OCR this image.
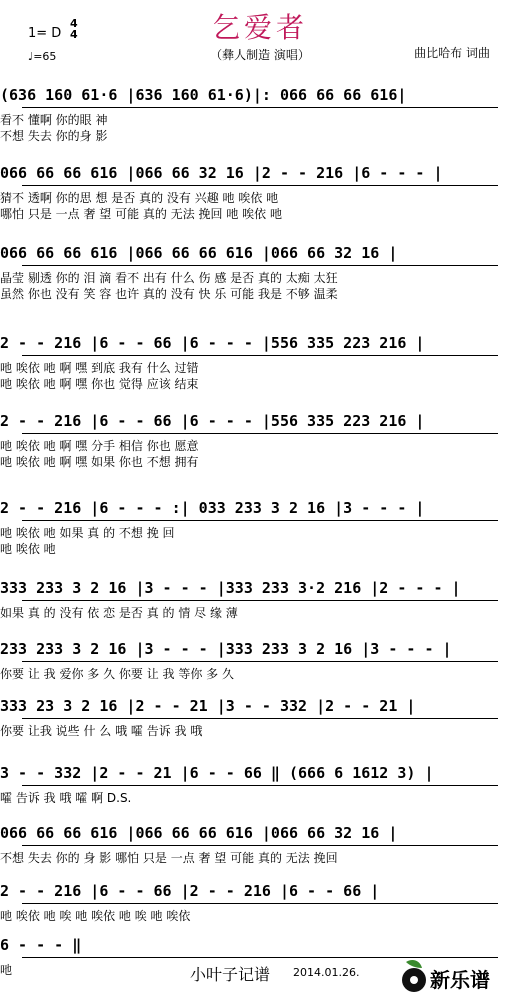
乞爱者
（彝人制造 演唱）
1= D
4
4
♩=65	曲比哈布 词曲
(636 160 61·6 |636 160 61·6)|: 066 66 66 616|
看不 懂啊 你的眼 神
不想 失去 你的身 影
066 66 66 616 |066 66 32 16 |2 - - 216 |6 - - - |
猜不 透啊 你的思 想 是否 真的 没有 兴趣 吔 唉依 吔
哪怕 只是 一点 奢 望 可能 真的 无法 挽回 吔 唉依 吔
066 66 66 616 |066 66 66 616 |066 66 32 16 |
晶莹 剔透 你的 泪 滴 看不 出有 什么 伤 感 是否 真的 太痴 太狂
虽然 你也 没有 笑 容 也许 真的 没有 快 乐 可能 我是 不够 温柔
2 - - 216 |6 - - 66 |6 - - - |556 335 223 216 |
吔 唉依 吔 啊 嘿 到底 我有 什么 过错
吔 唉依 吔 啊 嘿 你也 觉得 应该 结束
2 - - 216 |6 - - 66 |6 - - - |556 335 223 216 |
吔 唉依 吔 啊 嘿 分手 相信 你也 愿意
吔 唉依 吔 啊 嘿 如果 你也 不想 拥有
2 - - 216 |6 - - - :| 033 233 3 2 16 |3 - - - |
吔 唉依 吔 如果 真 的 不想 挽 回
吔 唉依 吔
333 233 3 2 16 |3 - - - |333 233 3·2 216 |2 - - - |
如果 真 的 没有 依 恋 是否 真 的 情 尽 缘 薄
233 233 3 2 16 |3 - - - |333 233 3 2 16 |3 - - - |
你要 让 我 爱你 多 久 你要 让 我 等你 多 久
333 23 3 2 16 |2 - - 21 |3 - - 332 |2 - - 21 |
你要 让我 说些 什 么 哦 嚯 告诉 我 哦
3 - - 332 |2 - - 21 |6 - - 66 ‖ (666 6 1612 3) |
嚯 告诉 我 哦 嚯 啊 D.S.
066 66 66 616 |066 66 66 616 |066 66 32 16 |
不想 失去 你的 身 影 哪怕 只是 一点 奢 望 可能 真的 无法 挽回
2 - - 216 |6 - - 66 |2 - - 216 |6 - - 66 |
吔 唉依 吔 唉 吔 唉依 吔 唉 吔 唉依
6 - - - ‖
吔	小叶子记谱 2014.01.26.	新乐谱
